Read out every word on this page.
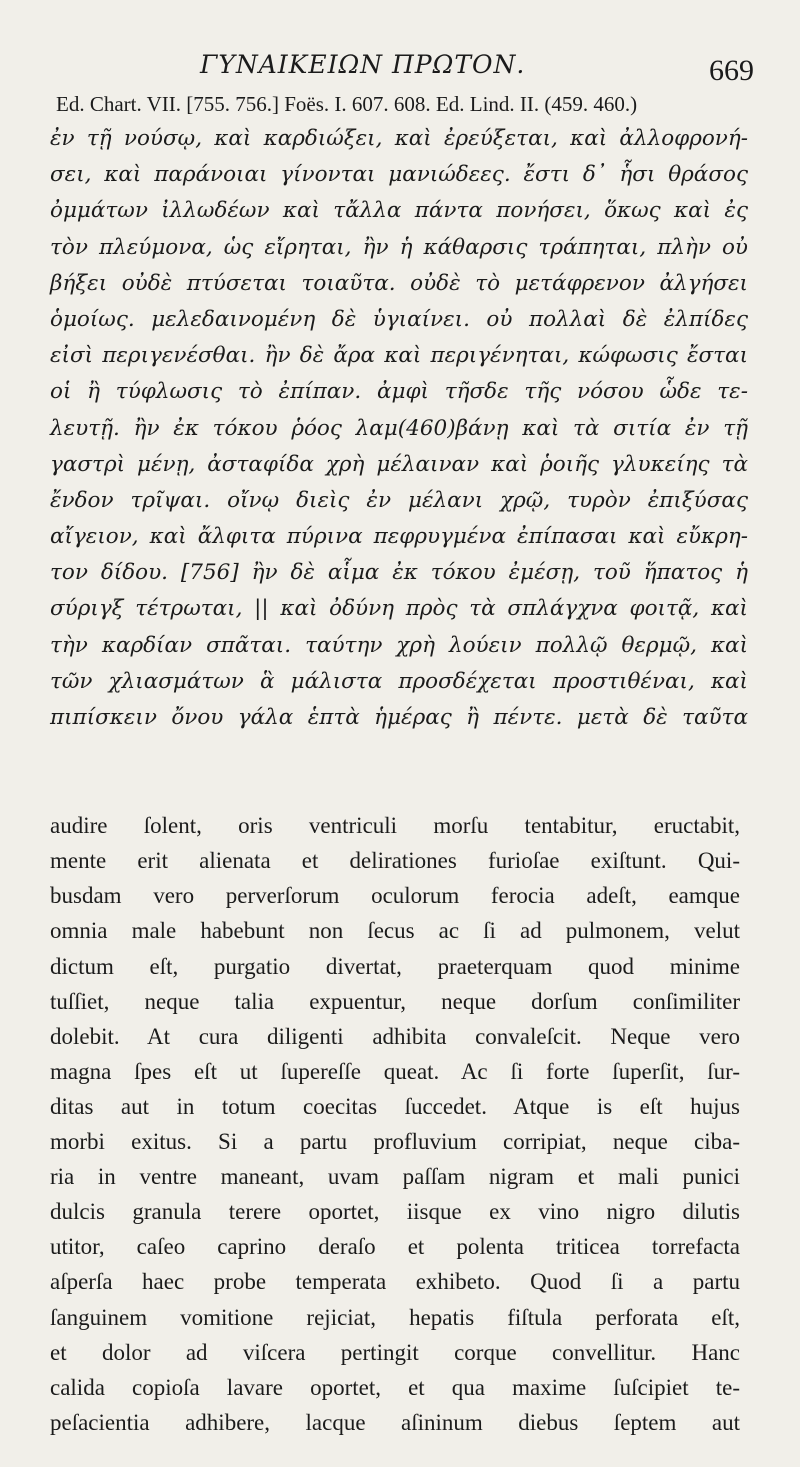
ΓΥΝΑΙΚΕΙΩΝ ΠΡΩΤΟΝ.	669
Ed. Chart. VII. [755. 756.] Foës. I. 607. 608. Ed. Lind. II. (459. 460.)
ἐν τῇ νούσῳ, καὶ καρδιώξει, καὶ ἐρεύξεται, καὶ ἀλλοφρονή-
σει, καὶ παράνοιαι γίνονται μανιώδεες. ἔστι δ᾽ ἧσι θράσος
ὀμμάτων ἰλλωδέων καὶ τἄλλα πάντα πονήσει, ὅκως καὶ ἐς
τὸν πλεύμονα, ὡς εἴρηται, ἢν ἡ κάθαρσις τράπηται, πλὴν οὐ
βήξει οὐδὲ πτύσεται τοιαῦτα. οὐδὲ τὸ μετάφρενον ἀλγήσει
ὁμοίως. μελεδαινομένη δὲ ὑγιαίνει. οὐ πολλαὶ δὲ ἐλπίδες
εἰσὶ περιγενέσθαι. ἢν δὲ ἄρα καὶ περιγένηται, κώφωσις ἔσται
οἱ ἢ τύφλωσις τὸ ἐπίπαν. ἀμφὶ τῆσδε τῆς νόσου ὧδε τε-
λευτῇ. ἢν ἐκ τόκου ῥόος λαμ(460)βάνῃ καὶ τὰ σιτία ἐν τῇ
γαστρὶ μένῃ, ἀσταφίδα χρὴ μέλαιναν καὶ ῥοιῆς γλυκείης τὰ
ἔνδον τρῖψαι. οἴνῳ διεὶς ἐν μέλανι χρῷ, τυρὸν ἐπιξύσας
αἴγειον, καὶ ἄλφιτα πύρινα πεφρυγμένα ἐπίπασαι καὶ εὔκρη-
τον δίδου. [756] ἢν δὲ αἷμα ἐκ τόκου ἐμέσῃ, τοῦ ἥπατος ἡ
σύριγξ τέτρωται, || καὶ ὀδύνη πρὸς τὰ σπλάγχνα φοιτᾷ, καὶ
τὴν καρδίαν σπᾶται. ταύτην χρὴ λούειν πολλῷ θερμῷ, καὶ
τῶν χλιασμάτων ἃ μάλιστα προσδέχεται προστιθέναι, καὶ
πιπίσκειν ὄνου γάλα ἑπτὰ ἡμέρας ἢ πέντε. μετὰ δὲ ταῦτα
audire ſolent, oris ventriculi morſu tentabitur, eructabit,
mente erit alienata et delirationes furioſae exiſtunt. Qui-
busdam vero perverſorum oculorum ferocia adeſt, eamque
omnia male habebunt non ſecus ac ſi ad pulmonem, velut
dictum eſt, purgatio divertat, praeterquam quod minime
tuſſiet, neque talia expuentur, neque dorſum conſimiliter
dolebit. At cura diligenti adhibita convaleſcit. Neque vero
magna ſpes eſt ut ſupereſſe queat. Ac ſi forte ſuperſit, ſur-
ditas aut in totum coecitas ſuccedet. Atque is eſt hujus
morbi exitus. Si a partu profluvium corripiat, neque ciba-
ria in ventre maneant, uvam paſſam nigram et mali punici
dulcis granula terere oportet, iisque ex vino nigro dilutis
utitor, caſeo caprino deraſo et polenta triticea torrefacta
aſperſa haec probe temperata exhibeto. Quod ſi a partu
ſanguinem vomitione rejiciat, hepatis fiſtula perforata eſt,
et dolor ad viſcera pertingit corque convellitur. Hanc
calida copioſa lavare oportet, et qua maxime ſuſcipiet te-
peſacientia adhibere, lacque aſininum diebus ſeptem aut
